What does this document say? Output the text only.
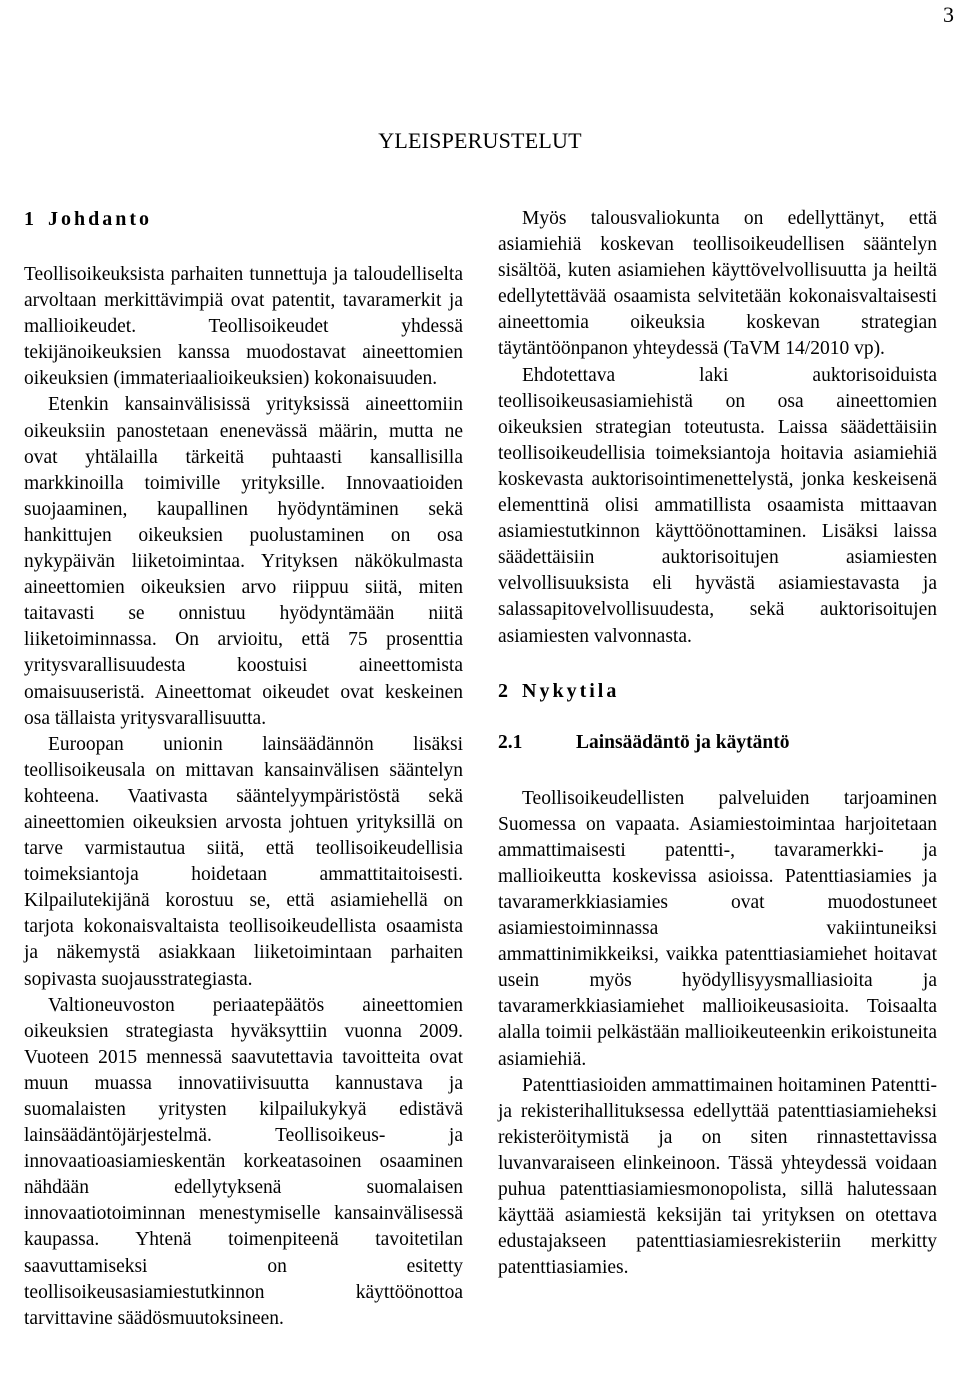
3
YLEISPERUSTELUT
1 Johdanto

Teollisoikeuksista parhaiten tunnettuja ja taloudelliselta arvoltaan merkittävimpiä ovat patentit, tavaramerkit ja mallioikeudet. Teollisoikeudet yhdessä tekijänoikeuksien kanssa muodostavat aineettomien oikeuksien (immateriaalioikeuksien) kokonaisuuden.

Etenkin kansainvälisissä yrityksissä aineettomiin oikeuksiin panostetaan enenevässä määrin, mutta ne ovat yhtälailla tärkeitä puhtaasti kansallisilla markkinoilla toimiville yrityksille. Innovaatioiden suojaaminen, kaupallinen hyödyntäminen sekä hankittujen oikeuksien puolustaminen on osa nykypäivän liiketoimintaa. Yrityksen näkökulmasta aineettomien oikeuksien arvo riippuu siitä, miten taitavasti se onnistuu hyödyntämään niitä liiketoiminnassa. On arvioitu, että 75 prosenttia yritysvarallisuudesta koostuisi aineettomista omaisuuseristä. Aineettomat oikeudet ovat keskeinen osa tällaista yritysvarallisuutta.

Euroopan unionin lainsäädännön lisäksi teollisoikeusala on mittavan kansainvälisen sääntelyn kohteena. Vaativasta sääntelyympäristöstä sekä aineettomien oikeuksien arvosta johtuen yrityksillä on tarve varmistautua siitä, että teollisoikeudellisia toimeksiantoja hoidetaan ammattitaitoisesti. Kilpailutekijänä korostuu se, että asiamiehellä on tarjota kokonaisvaltaista teollisoikeudellista osaamista ja näkemystä asiakkaan liiketoimintaan parhaiten sopivasta suojausstrategiasta.

Valtioneuvoston periaatepäätös aineettomien oikeuksien strategiasta hyväksyttiin vuonna 2009. Vuoteen 2015 mennessä saavutettavia tavoitteita ovat muun muassa innovatiivisuutta kannustava ja suomalaisten yritysten kilpailukykyä edistävä lainsäädäntöjärjestelmä. Teollisoikeus- ja innovaatioasiamieskentän korkeatasoinen osaaminen nähdään edellytyksenä suomalaisen innovaatiotoiminnan menestymiselle kansainvälisessä kaupassa. Yhtenä toimenpiteenä tavoitetilan saavuttamiseksi on esitetty teollisoikeusasiamiestutkinnon käyttöönottoa tarvittavine säädösmuutoksineen.

Myös talousvaliokunta on edellyttänyt, että asiamiehiä koskevan teollisoikeudellisen sääntelyn sisältöä, kuten asiamiehen käyttövelvollisuutta ja heiltä edellytettävää osaamista selvitetään kokonaisvaltaisesti aineettomia oikeuksia koskevan strategian täytäntöönpanon yhteydessä (TaVM 14/2010 vp).

Ehdotettava laki auktorisoiduista teollisoikeusasiamiehistä on osa aineettomien oikeuksien strategian toteutusta. Laissa säädettäisiin teollisoikeudellisia toimeksiantoja hoitavia asiamiehiä koskevasta auktorisointimenettelystä, jonka keskeisenä elementtinä olisi ammatillista osaamista mittaavan asiamiestutkinnon käyttöönottaminen. Lisäksi laissa säädettäisiin auktorisoitujen asiamiesten velvollisuuksista eli hyvästä asiamiestavasta ja salassapitovelvollisuudesta, sekä auktorisoitujen asiamiesten valvonnasta.

2 Nykytila
2.1	Lainsäädäntö ja käytäntö

Teollisoikeudellisten palveluiden tarjoaminen Suomessa on vapaata. Asiamiestoimintaa harjoitetaan ammattimaisesti patentti-, tavaramerkki- ja mallioikeutta koskevissa asioissa. Patenttiasiamies ja tavaramerkkiasiamies ovat muodostuneet asiamiestoiminnassa vakiintuneiksi ammattinimikkeiksi, vaikka patenttiasiamiehet hoitavat usein myös hyödyllisyysmalliasioita ja tavaramerkkiasiamiehet mallioikeusasioita. Toisaalta alalla toimii pelkästään mallioikeuteenkin erikoistuneita asiamiehiä.

Patenttiasioiden ammattimainen hoitaminen Patentti- ja rekisterihallituksessa edellyttää patenttiasiamieheksi rekisteröitymistä ja on siten rinnastettavissa luvanvaraiseen elinkeinoon. Tässä yhteydessä voidaan puhua patenttiasiamiesmonopolista, sillä halutessaan käyttää asiamiestä keksijän tai yrityksen on otettava edustajakseen patenttiasiamiesrekisteriin merkitty patenttiasiamies.
